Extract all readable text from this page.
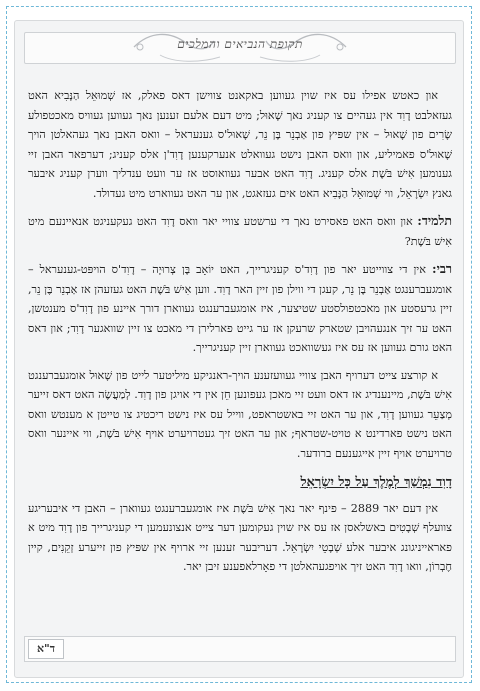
תקופת הנביאים והמלכים

און כאטש אפילו עס איז שוין געווען באקאנט צווישן דאס פאלק, אז שְׁמוּאֵל הַנָּבִיא האט געזאלבט דָוִד אין געהיים צו קעניג נאך שָׁאוּל; מיט דעם אלעם זענען נאך געווען געוויס מאכטפולע שָׂרִים פון שָׁאוּל – אין שפּיץ פון אַבְנֵר בֶּן נֵר, שָׁאוּל'ס גענעראל – וואס האבן נאך געהאלטן הויך שָׁאוּל'ס פאמיליע, און וואס האבן נישט געוואלט אנערקענען דָוִד'ן אלס קעניג; דערפאר האבן זיי גענומען אִישׁ בֹּשֶׁת אלס קעניג. דָוִד האט אבער געוואוסט אז ער וועט ענדליך ווערן קעניג איבער גאנץ יִשְׂרָאֵל, ווי שְׁמוּאֵל הַנָּבִיא האט אים געזאגט, און ער האט געווארט מיט געדולד.

תלמיד: און וואס האט פאסירט נאך די ערשטע צוויי יאר וואס דָוִד האט געקעניגט אנאיינעם מיט אִישׁ בֹּשֶׁת?

רבי: אין די צווייטע יאר פון דָוִד'ס קעניגרייך, האט יוֹאָב בֶּן צְרוּיָה – דָוִד'ס הויפּט-גענעראל – אומגעברענגט אַבְנֵר בֶּן נֵר, קעגן די ווילן פון זיין האר דָוִד. ווען אִישׁ בֹּשֶׁת האט געזעהן אז אַבְנֵר בֶּן נֵר, זיין גרעסטע און מאכטפולסטע שטיצער, איז אומגעברענגט געווארן דורך איינע פון דָוִד'ס מענטשן, האט ער זיך אנגעהויבן שטארק שרעקן אז ער גייט פארלירן די מאכט צו זיין שוואגער דָוִד; און דאס האט גורם געווען אז עס איז געשוואכט געווארן זיין קעניגרייך.

א קורצע צייט דערויף האבן צוויי געוועזענע הויך-ראנגיקע מיליטער לייט פון שָׁאוּל אומגעברענגט אִישׁ בֹּשֶׁת, מיינענדיג אז דאס וועט זיי מאכן געפונען חֵן אין די אויגן פון דָוִד. לְמַעֲשֶׂה האט דאס זייער מְצַעֵר געווען דָוִד, און ער האט זיי באשטראפט, ווייל עס איז נישט ריכטיג צו טייטן א מענטש וואס האט נישט פארדינט א טויט-שטראף; און ער האט זיך געטרויערט אויף אִישׁ בֹּשֶׁת, ווי איינער וואס טרויערט אויף זיין אייגענעם ברודער.

דָוִד נִמְשַׁךְ לְמֶלֶךְ עַל כָּל יִשְׂרָאֵל

אין דעם יאר 2889 – פינף יאר נאך אִישׁ בֹּשֶׁת איז אומגעברענגט געווארן – האבן די איבעריגע צוועלף שְׁבָטִים באשלאסן אז עס איז שוין געקומען דער צייט אנצונעמען די קעניגרייך פון דָוִד מיט א פאראייניגונג איבער אלע שְׁבָטֵי יִשְׂרָאֵל. דעריבער זענען זיי ארויף אין שפּיץ פון זייערע זְקֵנִים, קיין חֶבְרוֹן, וואו דָוִד האט זיך אויפגעהאלטן די פאָרלאפענע זיבן יאר.

ד"א
